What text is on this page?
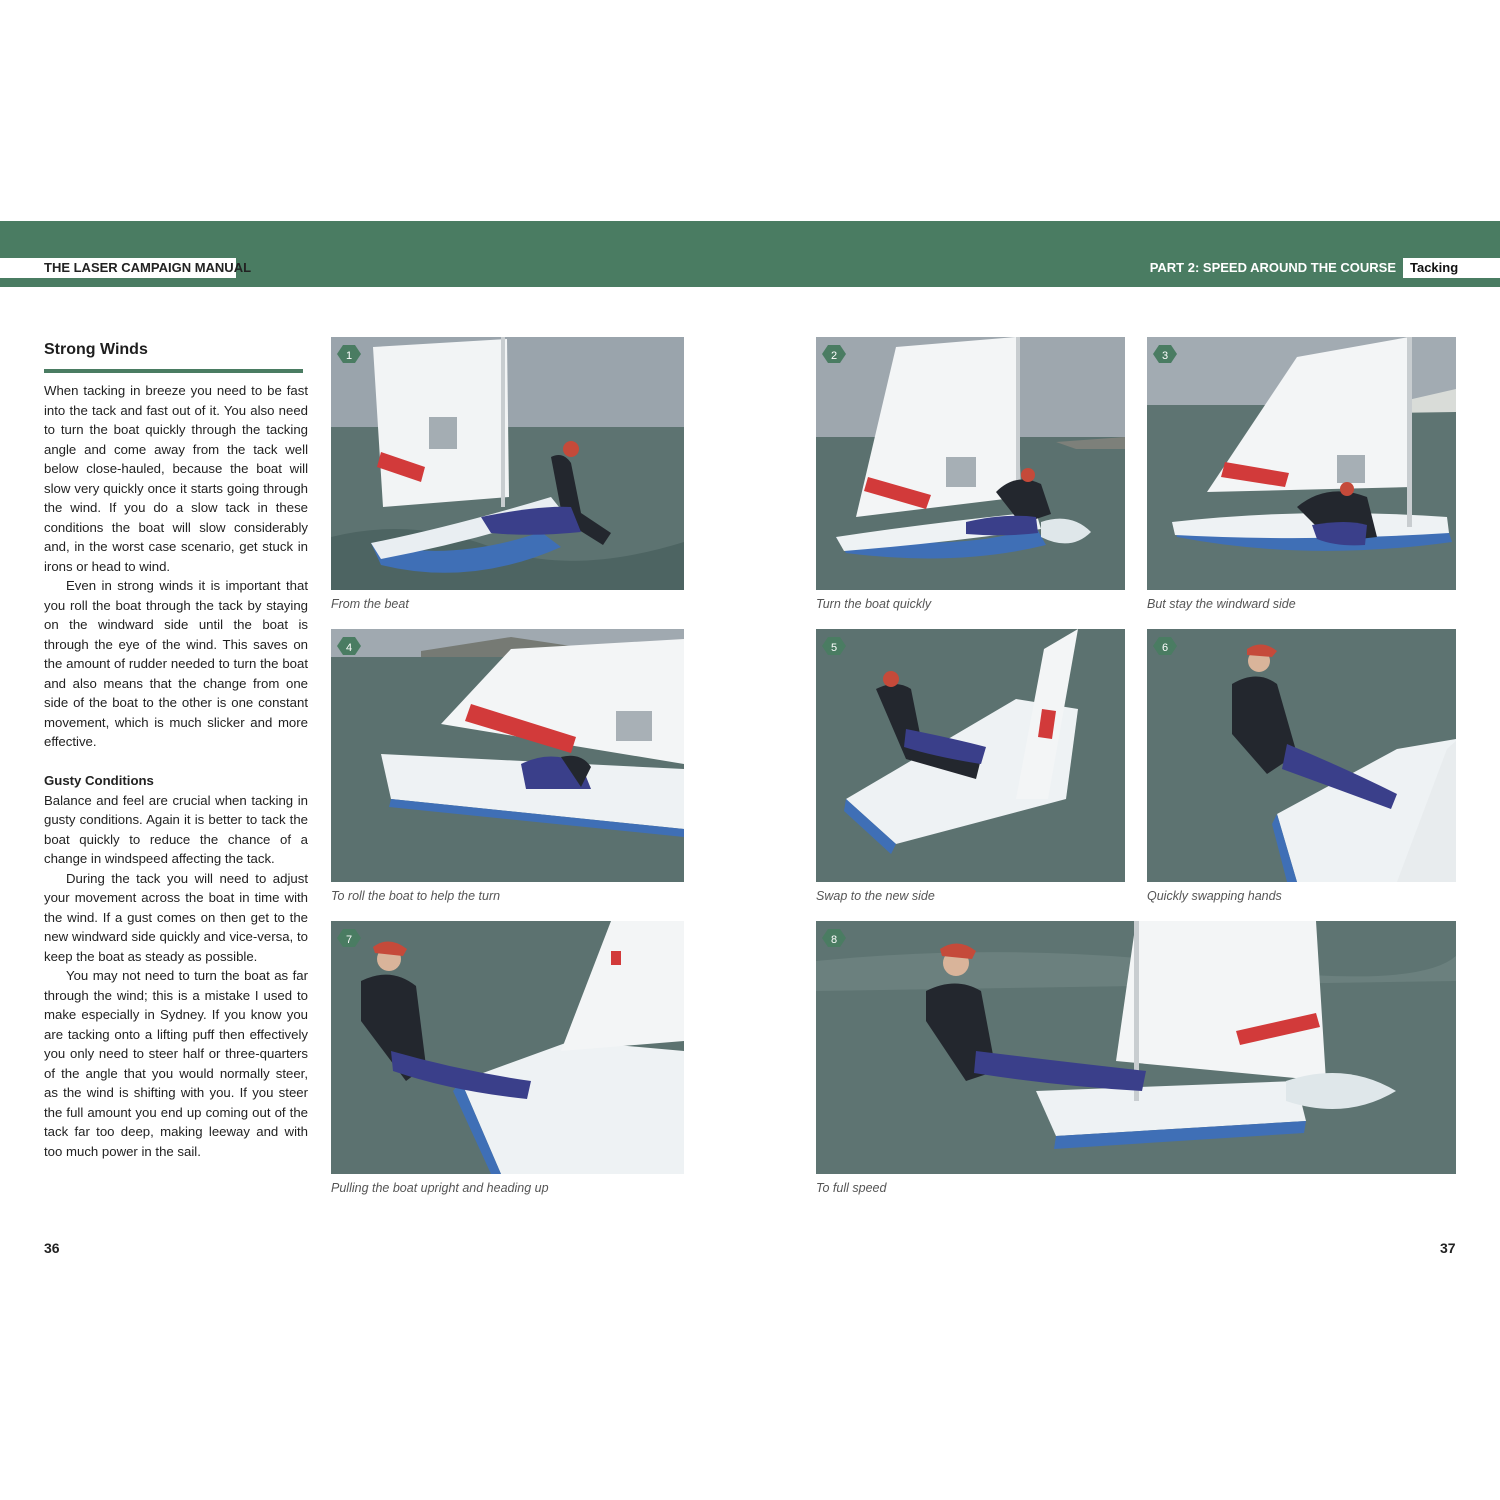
THE LASER CAMPAIGN MANUAL	PART 2: SPEED AROUND THE COURSE	Tacking
Strong Winds

When tacking in breeze you need to be fast into the tack and fast out of it. You also need to turn the boat quickly through the tacking angle and come away from the tack well below close-hauled, because the boat will slow very quickly once it starts going through the wind. If you do a slow tack in these conditions the boat will slow considerably and, in the worst case scenario, get stuck in irons or head to wind.

Even in strong winds it is important that you roll the boat through the tack by staying on the windward side until the boat is through the eye of the wind. This saves on the amount of rudder needed to turn the boat and also means that the change from one side of the boat to the other is one constant movement, which is much slicker and more effective.

Gusty Conditions

Balance and feel are crucial when tacking in gusty conditions. Again it is better to tack the boat quickly to reduce the chance of a change in windspeed affecting the tack.

During the tack you will need to adjust your movement across the boat in time with the wind. If a gust comes on then get to the new windward side quickly and vice-versa, to keep the boat as steady as possible.

You may not need to turn the boat as far through the wind; this is a mistake I used to make especially in Sydney. If you know you are tacking onto a lifting puff then effectively you only need to steer half or three-quarters of the angle that you would normally steer, as the wind is shifting with you. If you steer the full amount you end up coming out of the tack far too deep, making leeway and with too much power in the sail.

1
From the beat
2
Turn the boat quickly
3
But stay the windward side
4
To roll the boat to help the turn
5
Swap to the new side
6
Quickly swapping hands
7
Pulling the boat upright and heading up
8
To full speed
36	37
